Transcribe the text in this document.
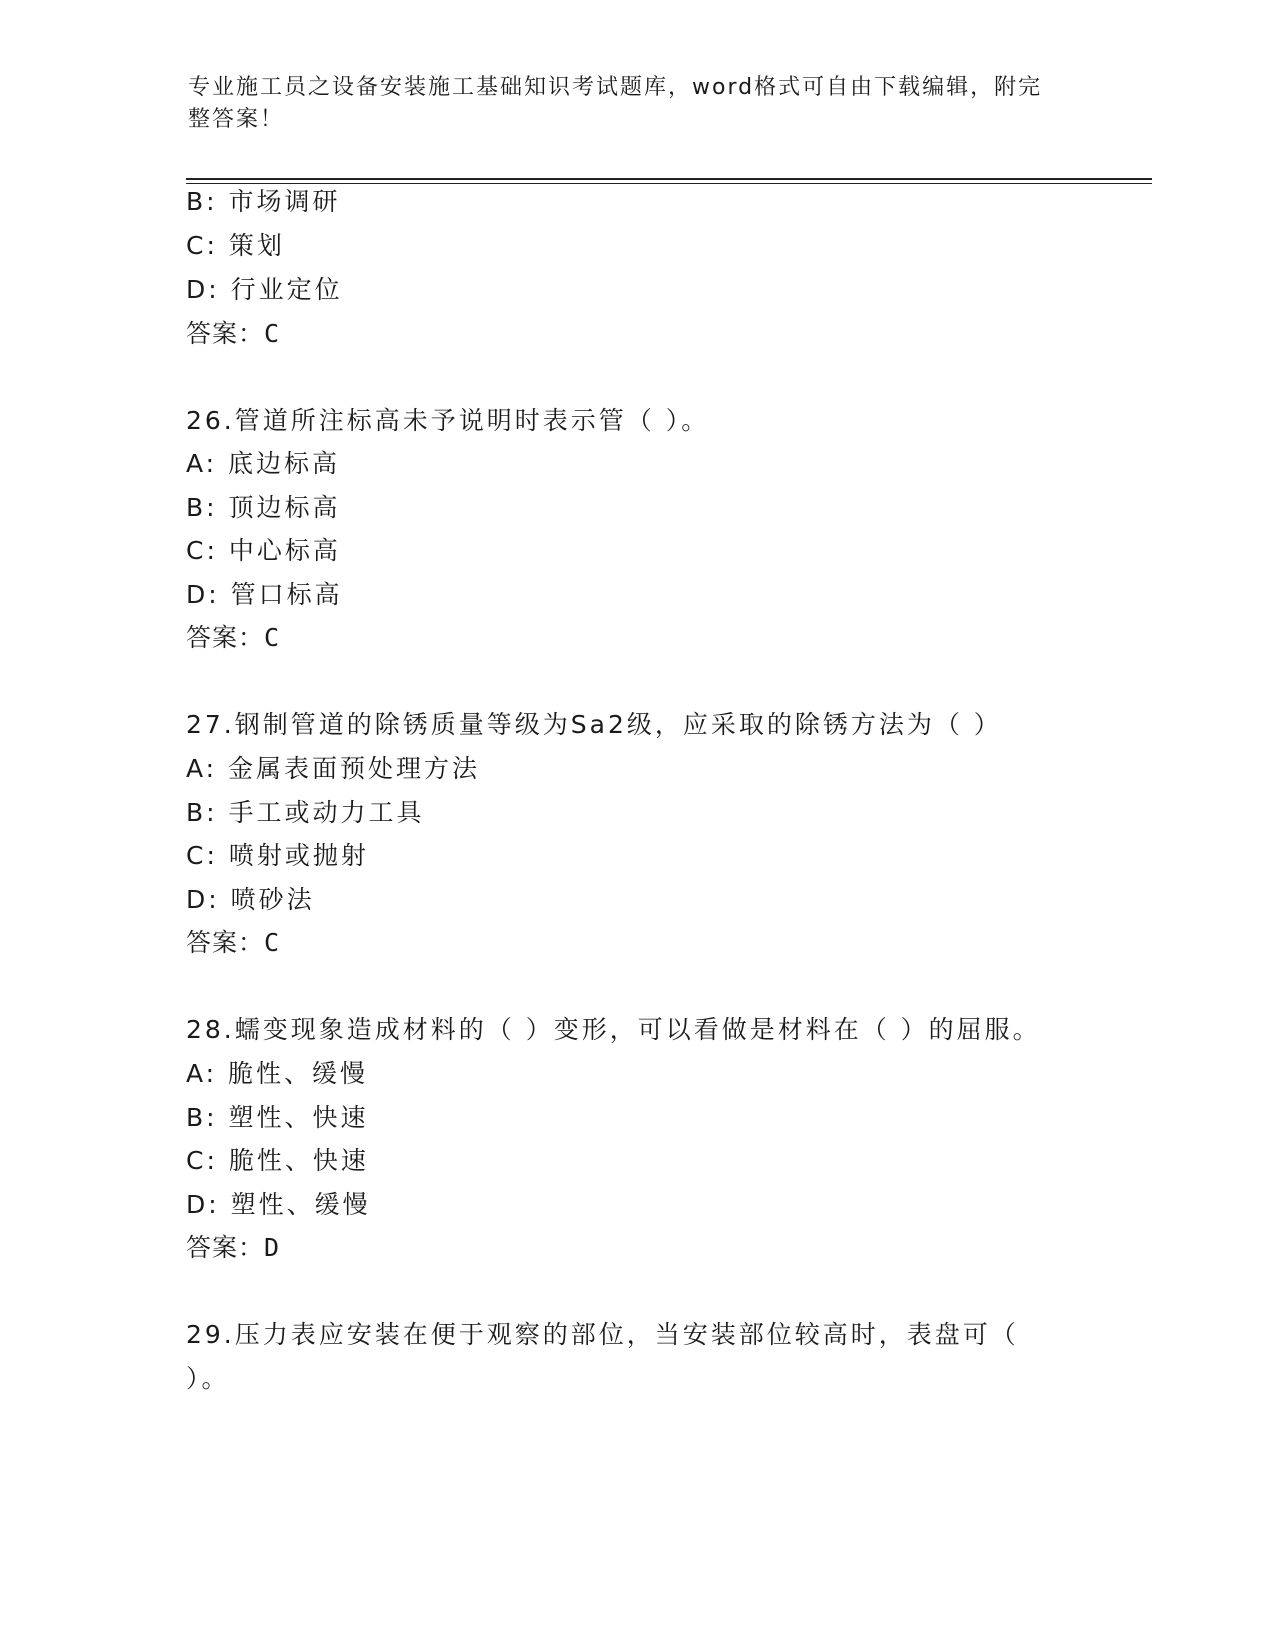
专业施工员之设备安装施工基础知识考试题库，word格式可自由下载编辑，附完
整答案！
B: 市场调研
C: 策划
D: 行业定位
答案：C
26.管道所注标高未予说明时表示管（ ）。
A: 底边标高
B: 顶边标高
C: 中心标高
D: 管口标高
答案：C
27.钢制管道的除锈质量等级为Sa2级，应采取的除锈方法为（ ）
A: 金属表面预处理方法
B: 手工或动力工具
C: 喷射或抛射
D: 喷砂法
答案：C
28.蠕变现象造成材料的（ ）变形，可以看做是材料在（ ）的屈服。
A: 脆性、缓慢
B: 塑性、快速
C: 脆性、快速
D: 塑性、缓慢
答案：D
29.压力表应安装在便于观察的部位，当安装部位较高时，表盘可（
）。
